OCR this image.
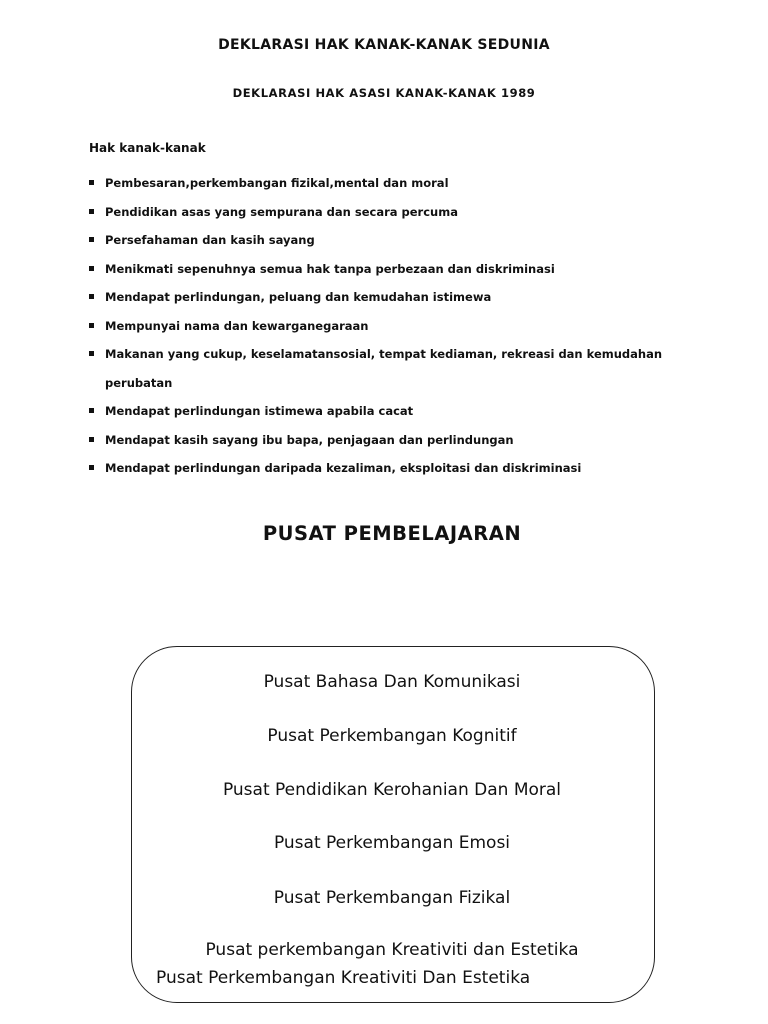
DEKLARASI HAK KANAK-KANAK SEDUNIA
DEKLARASI HAK ASASI KANAK-KANAK 1989
Hak kanak-kanak
Pembesaran,perkembangan fizikal,mental dan moral
Pendidikan asas yang sempurana dan secara percuma
Persefahaman dan kasih sayang
Menikmati sepenuhnya semua hak tanpa perbezaan dan diskriminasi
Mendapat perlindungan, peluang dan kemudahan istimewa
Mempunyai nama dan kewarganegaraan
Makanan yang cukup, keselamatansosial, tempat kediaman, rekreasi dan kemudahan perubatan
Mendapat perlindungan istimewa apabila cacat
Mendapat kasih sayang ibu bapa, penjagaan dan perlindungan
Mendapat perlindungan daripada kezaliman, eksploitasi dan diskriminasi
PUSAT PEMBELAJARAN
Pusat Bahasa Dan Komunikasi
Pusat Perkembangan Kognitif
Pusat Pendidikan Kerohanian Dan Moral
Pusat Perkembangan Emosi
Pusat Perkembangan Fizikal
Pusat perkembangan Kreativiti dan Estetika
Pusat Perkembangan Kreativiti Dan Estetika
